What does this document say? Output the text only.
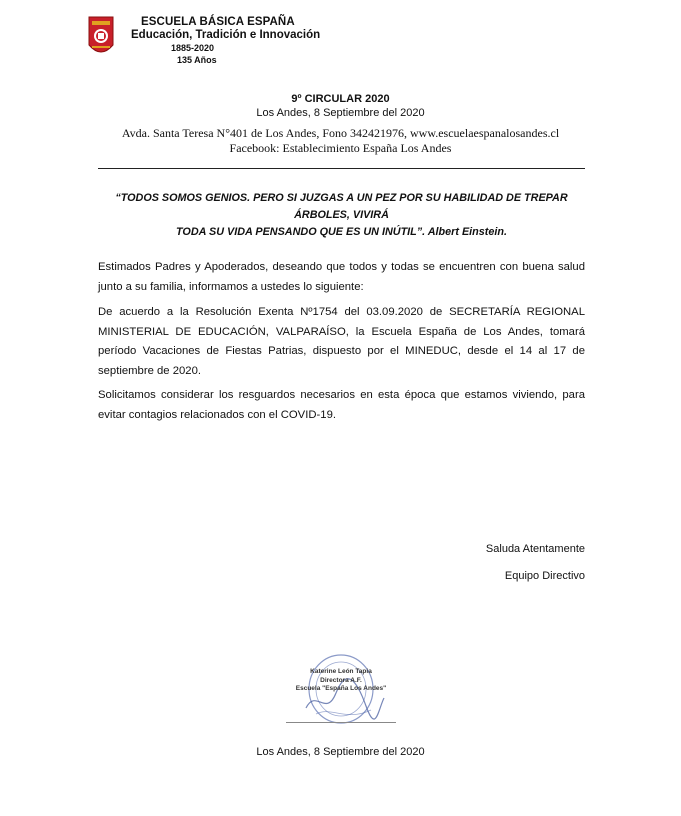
ESCUELA BÁSICA ESPAÑA
Educación, Tradición e Innovación
1885-2020
135 Años
9º CIRCULAR 2020
Los Andes, 8 Septiembre del 2020
Avda. Santa Teresa N°401 de Los Andes, Fono 342421976, www.escuelaespanalosandes.cl
Facebook: Establecimiento España Los Andes
“TODOS SOMOS GENIOS. PERO SI JUZGAS A UN PEZ POR SU HABILIDAD DE TREPAR ÁRBOLES, VIVIRÁ
TODA SU VIDA PENSANDO QUE ES UN INÚTIL”. Albert Einstein.
Estimados Padres y Apoderados, deseando que todos y todas se encuentren con buena salud junto a su familia, informamos a ustedes lo siguiente:
De acuerdo a la Resolución Exenta Nº1754 del 03.09.2020 de SECRETARÍA REGIONAL MINISTERIAL DE EDUCACIÓN, VALPARAÍSO, la Escuela España de Los Andes, tomará período Vacaciones de Fiestas Patrias, dispuesto por el MINEDUC, desde el 14 al 17 de septiembre de 2020.
Solicitamos considerar los resguardos necesarios en esta época que estamos viviendo, para evitar contagios relacionados con el COVID-19.
Saluda Atentamente
Equipo Directivo
Katerine León Tapia
Directora A.F.
Escuela "España Los Andes"
Los Andes, 8 Septiembre del 2020
